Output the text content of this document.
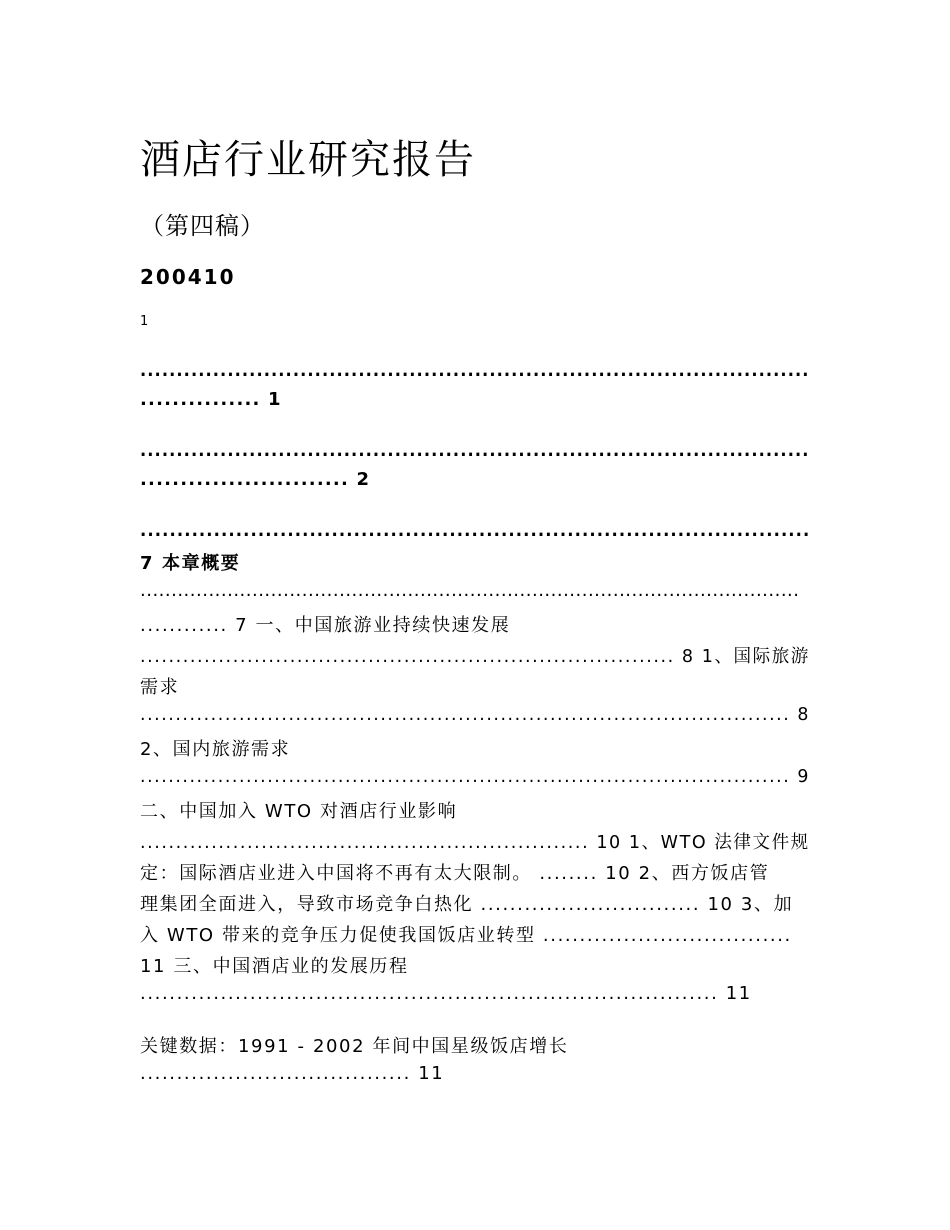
酒店行业研究报告
（第四稿）
200410
1
............................................................................................
............... 1
............................................................................................
.......................... 2
...........................................................................................
7 本章概要
..........................................................................................................
............ 7 一、中国旅游业持续快速发展
........................................................................... 8 1、国际旅游
需求
............................................................................................ 8
2、国内旅游需求
............................................................................................ 9
二、中国加入 WTO 对酒店行业影响
............................................................... 10 1、WTO 法律文件规
定：国际酒店业进入中国将不再有太大限制。 ........ 10 2、西方饭店管
理集团全面进入，导致市场竞争白热化 .............................. 10 3、加
入 WTO 带来的竞争压力促使我国饭店业转型 ..................................
11 三、中国酒店业的发展历程
............................................................................... 11
关键数据：1991 - 2002 年间中国星级饭店增长
..................................... 11
